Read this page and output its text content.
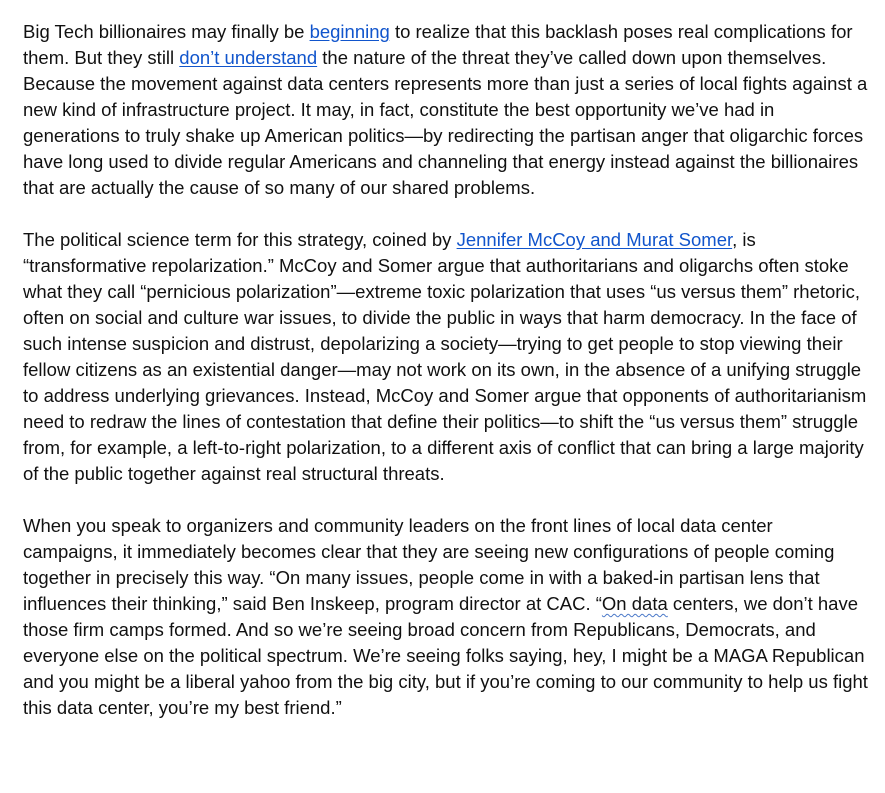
Big Tech billionaires may finally be beginning to realize that this backlash poses real complications for them. But they still don’t understand the nature of the threat they’ve called down upon themselves. Because the movement against data centers represents more than just a series of local fights against a new kind of infrastructure project. It may, in fact, constitute the best opportunity we’ve had in generations to truly shake up American politics—by redirecting the partisan anger that oligarchic forces have long used to divide regular Americans and channeling that energy instead against the billionaires that are actually the cause of so many of our shared problems.

The political science term for this strategy, coined by Jennifer McCoy and Murat Somer, is “transformative repolarization.” McCoy and Somer argue that authoritarians and oligarchs often stoke what they call “pernicious polarization”—extreme toxic polarization that uses “us versus them” rhetoric, often on social and culture war issues, to divide the public in ways that harm democracy. In the face of such intense suspicion and distrust, depolarizing a society—trying to get people to stop viewing their fellow citizens as an existential danger—may not work on its own, in the absence of a unifying struggle to address underlying grievances. Instead, McCoy and Somer argue that opponents of authoritarianism need to redraw the lines of contestation that define their politics—to shift the “us versus them” struggle from, for example, a left-to-right polarization, to a different axis of conflict that can bring a large majority of the public together against real structural threats.

When you speak to organizers and community leaders on the front lines of local data center campaigns, it immediately becomes clear that they are seeing new configurations of people coming together in precisely this way. “On many issues, people come in with a baked-in partisan lens that influences their thinking,” said Ben Inskeep, program director at CAC. “On data centers, we don’t have those firm camps formed. And so we’re seeing broad concern from Republicans, Democrats, and everyone else on the political spectrum. We’re seeing folks saying, hey, I might be a MAGA Republican and you might be a liberal yahoo from the big city, but if you’re coming to our community to help us fight this data center, you’re my best friend.”
